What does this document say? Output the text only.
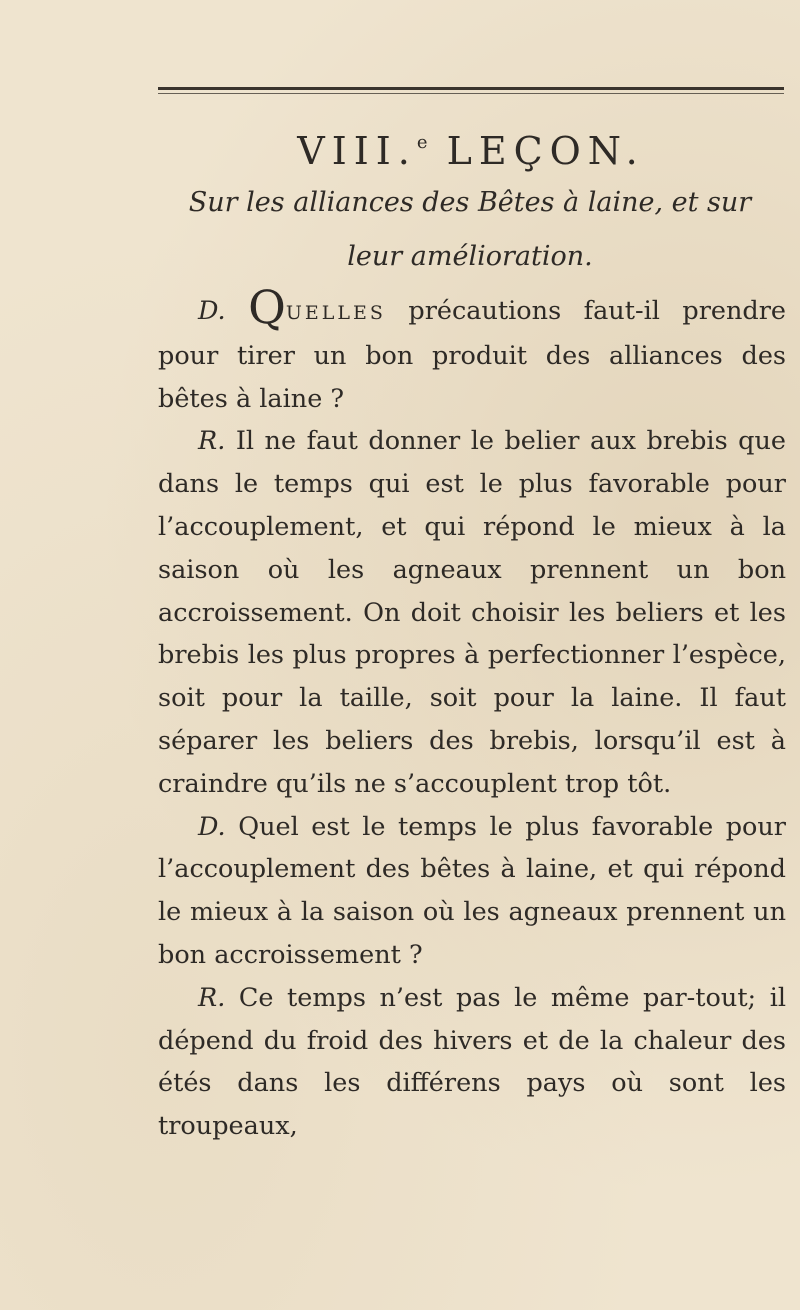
VIII.$^e$ LEÇON.
Sur les alliances des Bêtes à laine, et sur
leur amélioration.

D. QUELLES précautions faut-il prendre pour tirer un bon produit des alliances des bêtes à laine ?

R. Il ne faut donner le belier aux brebis que dans le temps qui est le plus favorable pour l’accouplement, et qui répond le mieux à la saison où les agneaux prennent un bon accroissement. On doit choisir les beliers et les brebis les plus propres à perfectionner l’espèce, soit pour la taille, soit pour la laine. Il faut séparer les beliers des brebis, lorsqu’il est à craindre qu’ils ne s’accouplent trop tôt.

D. Quel est le temps le plus favorable pour l’accouplement des bêtes à laine, et qui répond le mieux à la saison où les agneaux prennent un bon accroissement ?

R. Ce temps n’est pas le même par-tout; il dépend du froid des hivers et de la chaleur des étés dans les différens pays où sont les troupeaux,
